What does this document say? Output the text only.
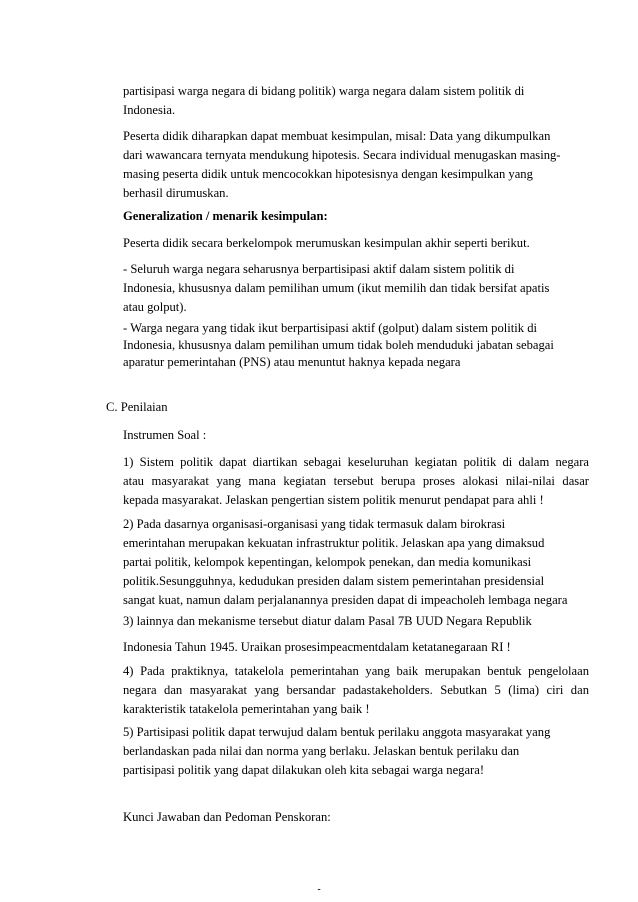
partisipasi warga negara di bidang politik) warga negara dalam sistem politik di
Indonesia.
Peserta didik diharapkan dapat membuat kesimpulan, misal: Data yang dikumpulkan
dari wawancara ternyata mendukung hipotesis. Secara individual menugaskan masing-
masing peserta didik untuk mencocokkan hipotesisnya dengan kesimpulkan yang
berhasil dirumuskan.
Generalization / menarik kesimpulan:
Peserta didik secara berkelompok merumuskan kesimpulan akhir seperti berikut.
- Seluruh warga negara seharusnya berpartisipasi aktif dalam sistem politik di
Indonesia, khususnya dalam pemilihan umum (ikut memilih dan tidak bersifat apatis
atau golput).
- Warga negara yang tidak ikut berpartisipasi aktif (golput) dalam sistem politik di
Indonesia, khususnya dalam pemilihan umum tidak boleh menduduki jabatan sebagai
aparatur pemerintahan (PNS) atau menuntut haknya kepada negara
C. Penilaian
Instrumen Soal :
1) Sistem politik dapat diartikan sebagai keseluruhan kegiatan politik di dalam negara
atau masyarakat yang mana kegiatan tersebut berupa proses alokasi nilai-nilai dasar
kepada masyarakat. Jelaskan pengertian sistem politik menurut pendapat para ahli !
2) Pada dasarnya organisasi-organisasi yang tidak termasuk dalam birokrasi
emerintahan merupakan kekuatan infrastruktur politik. Jelaskan apa yang dimaksud
partai politik, kelompok kepentingan, kelompok penekan, dan media komunikasi
politik.Sesungguhnya, kedudukan presiden dalam sistem pemerintahan presidensial
sangat kuat, namun dalam perjalanannya presiden dapat di impeacholeh lembaga negara
3) lainnya dan mekanisme tersebut diatur dalam Pasal 7B UUD Negara Republik
Indonesia Tahun 1945. Uraikan prosesimpeacmentdalam ketatanegaraan RI !
4) Pada praktiknya, tatakelola pemerintahan yang baik merupakan bentuk pengelolaan
negara dan masyarakat yang bersandar padastakeholders. Sebutkan 5 (lima) ciri dan
karakteristik tatakelola pemerintahan yang baik !
5) Partisipasi politik dapat terwujud dalam bentuk perilaku anggota masyarakat yang
berlandaskan pada nilai dan norma yang berlaku. Jelaskan bentuk perilaku dan
partisipasi politik yang dapat dilakukan oleh kita sebagai warga negara!
Kunci Jawaban dan Pedoman Penskoran:
-
